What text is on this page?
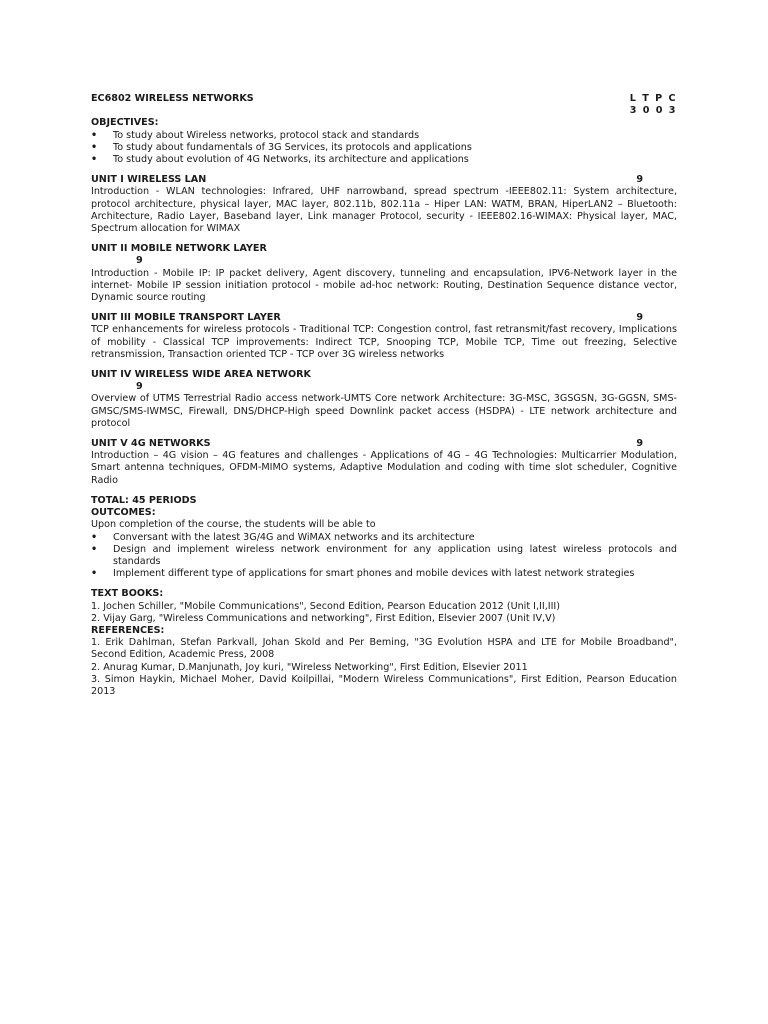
EC6802 WIRELESS NETWORKS	L T P C
3 0 0 3
OBJECTIVES:
• To study about Wireless networks, protocol stack and standards
• To study about fundamentals of 3G Services, its protocols and applications
• To study about evolution of 4G Networks, its architecture and applications
UNIT I WIRELESS LAN	9
Introduction - WLAN technologies: Infrared, UHF narrowband, spread spectrum -IEEE802.11: System architecture, protocol architecture, physical layer, MAC layer, 802.11b, 802.11a – Hiper LAN: WATM, BRAN, HiperLAN2 – Bluetooth: Architecture, Radio Layer, Baseband layer, Link manager Protocol, security - IEEE802.16-WIMAX: Physical layer, MAC, Spectrum allocation for WIMAX
UNIT II MOBILE NETWORK LAYER
9
Introduction - Mobile IP: IP packet delivery, Agent discovery, tunneling and encapsulation, IPV6-Network layer in the internet- Mobile IP session initiation protocol - mobile ad-hoc network: Routing, Destination Sequence distance vector, Dynamic source routing
UNIT III MOBILE TRANSPORT LAYER	9
TCP enhancements for wireless protocols - Traditional TCP: Congestion control, fast retransmit/fast recovery, Implications of mobility - Classical TCP improvements: Indirect TCP, Snooping TCP, Mobile TCP, Time out freezing, Selective retransmission, Transaction oriented TCP - TCP over 3G wireless networks
UNIT IV WIRELESS WIDE AREA NETWORK
9
Overview of UTMS Terrestrial Radio access network-UMTS Core network Architecture: 3G-MSC, 3GSGSN, 3G-GGSN, SMS-GMSC/SMS-IWMSC, Firewall, DNS/DHCP-High speed Downlink packet access (HSDPA) - LTE network architecture and protocol
UNIT V 4G NETWORKS	9
Introduction – 4G vision – 4G features and challenges - Applications of 4G – 4G Technologies: Multicarrier Modulation, Smart antenna techniques, OFDM-MIMO systems, Adaptive Modulation and coding with time slot scheduler, Cognitive Radio
TOTAL: 45 PERIODS
OUTCOMES:
Upon completion of the course, the students will be able to
• Conversant with the latest 3G/4G and WiMAX networks and its architecture
• Design and implement wireless network environment for any application using latest wireless protocols and standards
• Implement different type of applications for smart phones and mobile devices with latest network strategies
TEXT BOOKS:
1. Jochen Schiller, "Mobile Communications", Second Edition, Pearson Education 2012 (Unit I,II,III)
2. Vijay Garg, "Wireless Communications and networking", First Edition, Elsevier 2007 (Unit IV,V)
REFERENCES:
1. Erik Dahlman, Stefan Parkvall, Johan Skold and Per Beming, "3G Evolution HSPA and LTE for Mobile Broadband", Second Edition, Academic Press, 2008
2. Anurag Kumar, D.Manjunath, Joy kuri, "Wireless Networking", First Edition, Elsevier 2011
3. Simon Haykin, Michael Moher, David Koilpillai, "Modern Wireless Communications", First Edition, Pearson Education 2013
